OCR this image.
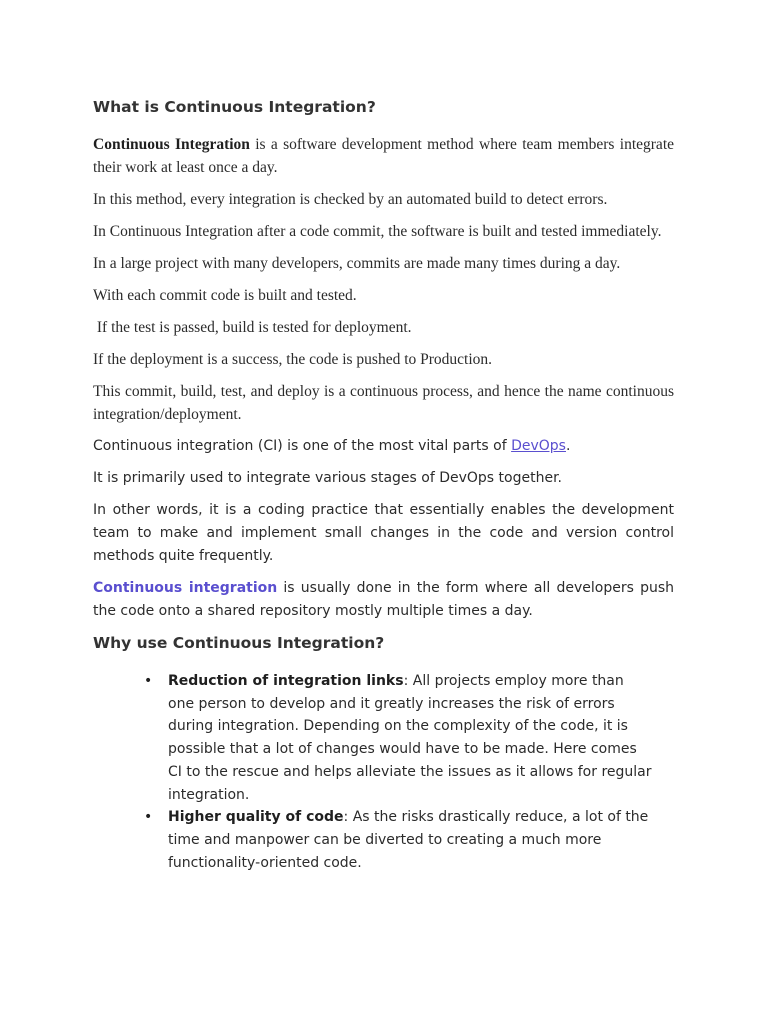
What is Continuous Integration?

Continuous Integration is a software development method where team members integrate their work at least once a day.

In this method, every integration is checked by an automated build to detect errors.

In Continuous Integration after a code commit, the software is built and tested immediately.

In a large project with many developers, commits are made many times during a day.

With each commit code is built and tested.

If the test is passed, build is tested for deployment.

If the deployment is a success, the code is pushed to Production.

This commit, build, test, and deploy is a continuous process, and hence the name continuous integration/deployment.

Continuous integration (CI) is one of the most vital parts of DevOps.

It is primarily used to integrate various stages of DevOps together.

In other words, it is a coding practice that essentially enables the development team to make and implement small changes in the code and version control methods quite frequently.

Continuous integration is usually done in the form where all developers push the code onto a shared repository mostly multiple times a day.

Why use Continuous Integration?
• Reduction of integration links: All projects employ more than one person to develop and it greatly increases the risk of errors during integration. Depending on the complexity of the code, it is possible that a lot of changes would have to be made. Here comes CI to the rescue and helps alleviate the issues as it allows for regular integration.
• Higher quality of code: As the risks drastically reduce, a lot of the time and manpower can be diverted to creating a much more functionality-oriented code.
